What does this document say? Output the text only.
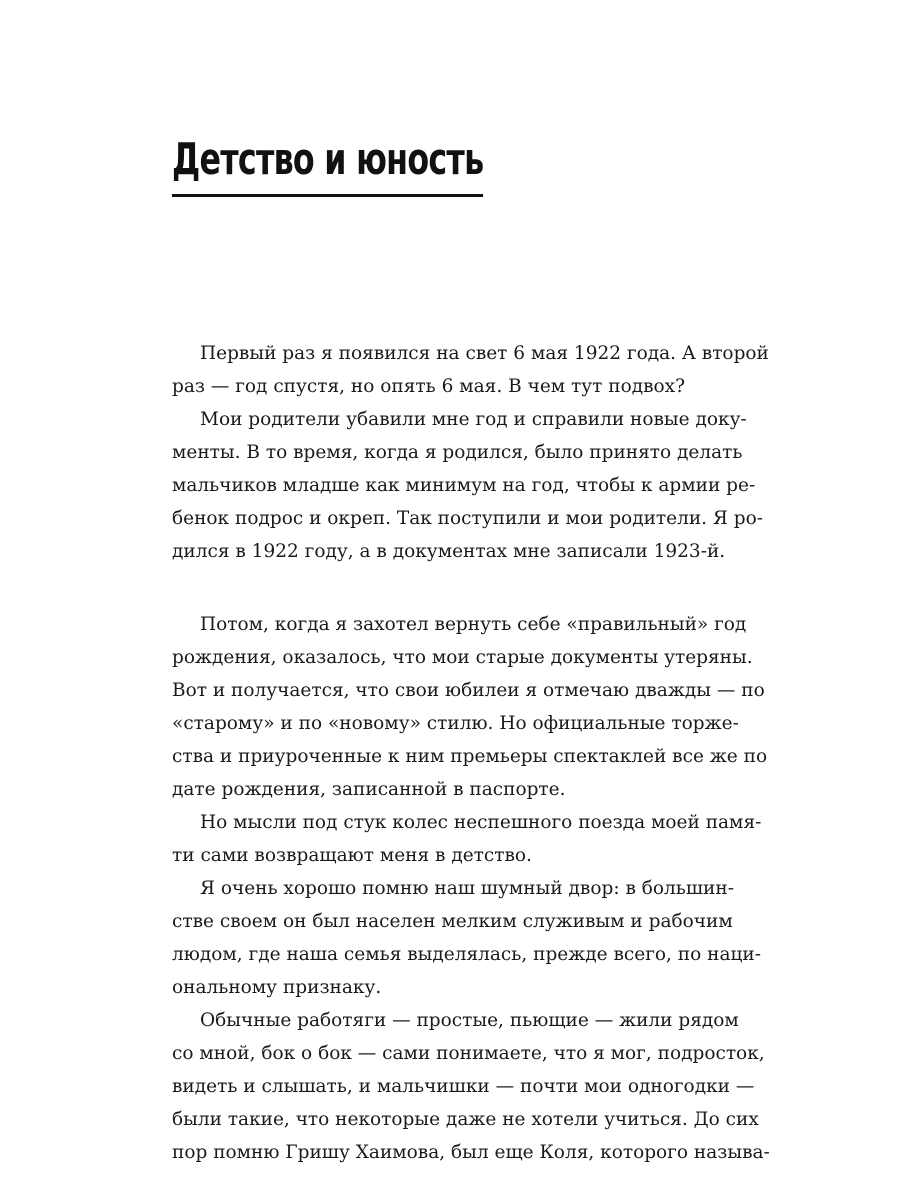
Детство и юность
Первый раз я появился на свет 6 мая 1922 года. А второй
раз — год спустя, но опять 6 мая. В чем тут подвох?
Мои родители убавили мне год и справили новые доку-
менты. В то время, когда я родился, было принято делать
мальчиков младше как минимум на год, чтобы к армии ре-
бенок подрос и окреп. Так поступили и мои родители. Я ро-
дился в 1922 году, а в документах мне записали 1923-й.
Потом, когда я захотел вернуть себе «правильный» год
рождения, оказалось, что мои старые документы утеряны.
Вот и получается, что свои юбилеи я отмечаю дважды — по
«старому» и по «новому» стилю. Но официальные торже-
ства и приуроченные к ним премьеры спектаклей все же по
дате рождения, записанной в паспорте.
Но мысли под стук колес неспешного поезда моей памя-
ти сами возвращают меня в детство.
Я очень хорошо помню наш шумный двор: в большин-
стве своем он был населен мелким служивым и рабочим
людом, где наша семья выделялась, прежде всего, по наци-
ональному признаку.
Обычные работяги — простые, пьющие — жили рядом
со мной, бок о бок — сами понимаете, что я мог, подросток,
видеть и слышать, и мальчишки — почти мои одногодки —
были такие, что некоторые даже не хотели учиться. До сих
пор помню Гришу Хаимова, был еще Коля, которого называ-
